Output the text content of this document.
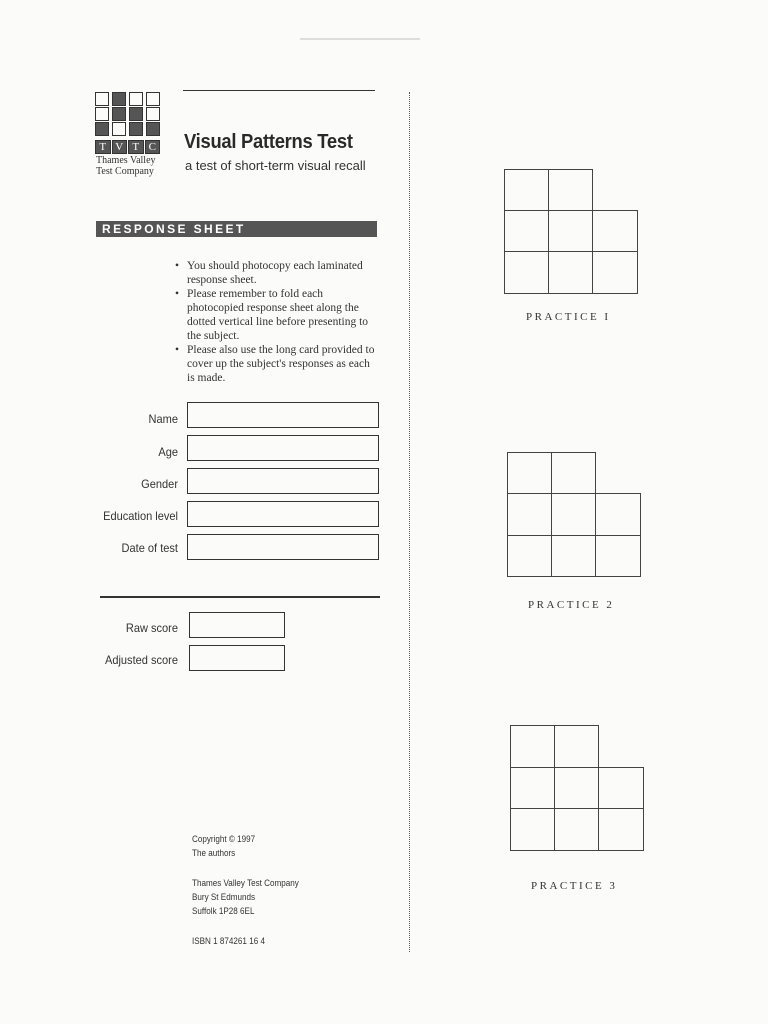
T V T C
Thames Valley
Test Company
Visual Patterns Test
a test of short-term visual recall
RESPONSE SHEET
• You should photocopy each laminated response sheet.
• Please remember to fold each photocopied response sheet along the dotted vertical line before presenting to the subject.
• Please also use the long card provided to cover up the subject's responses as each is made.
Name
Age
Gender
Education level
Date of test
Raw score
Adjusted score
Copyright © 1997
The authors
Thames Valley Test Company
Bury St Edmunds
Suffolk 1P28 6EL
ISBN 1 874261 16 4
PRACTICE I
PRACTICE 2
PRACTICE 3
